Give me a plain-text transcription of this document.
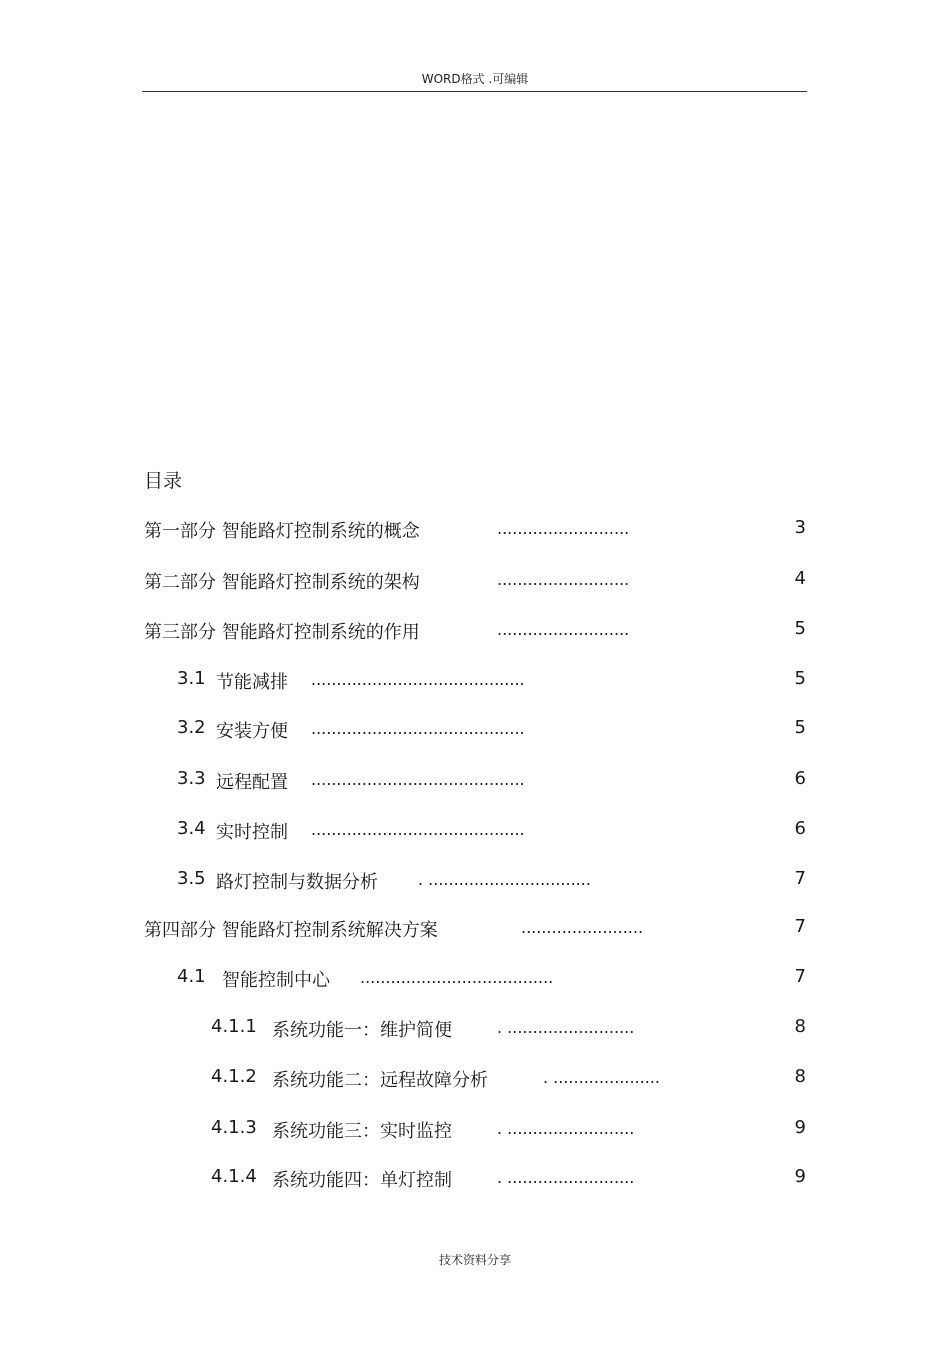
WORD格式 .可编辑
目录
第一部分 智能路灯控制系统的概念	..........................	3
第二部分 智能路灯控制系统的架构	..........................	4
第三部分 智能路灯控制系统的作用	..........................	5
3.1 节能减排 ..........................................	5
3.2 安装方便 ..........................................	5
3.3 远程配置 ..........................................	6
3.4 实时控制 ..........................................	6
3.5 路灯控制与数据分析	. ................................	7
第四部分 智能路灯控制系统解决方案	........................	7
4.1 智能控制中心 ......................................	7
4.1.1 系统功能一：维护简便	. .........................	8
4.1.2 系统功能二：远程故障分析	. .....................	8
4.1.3 系统功能三：实时监控	. .........................	9
4.1.4 系统功能四：单灯控制	. .........................	9
技术资料分享
